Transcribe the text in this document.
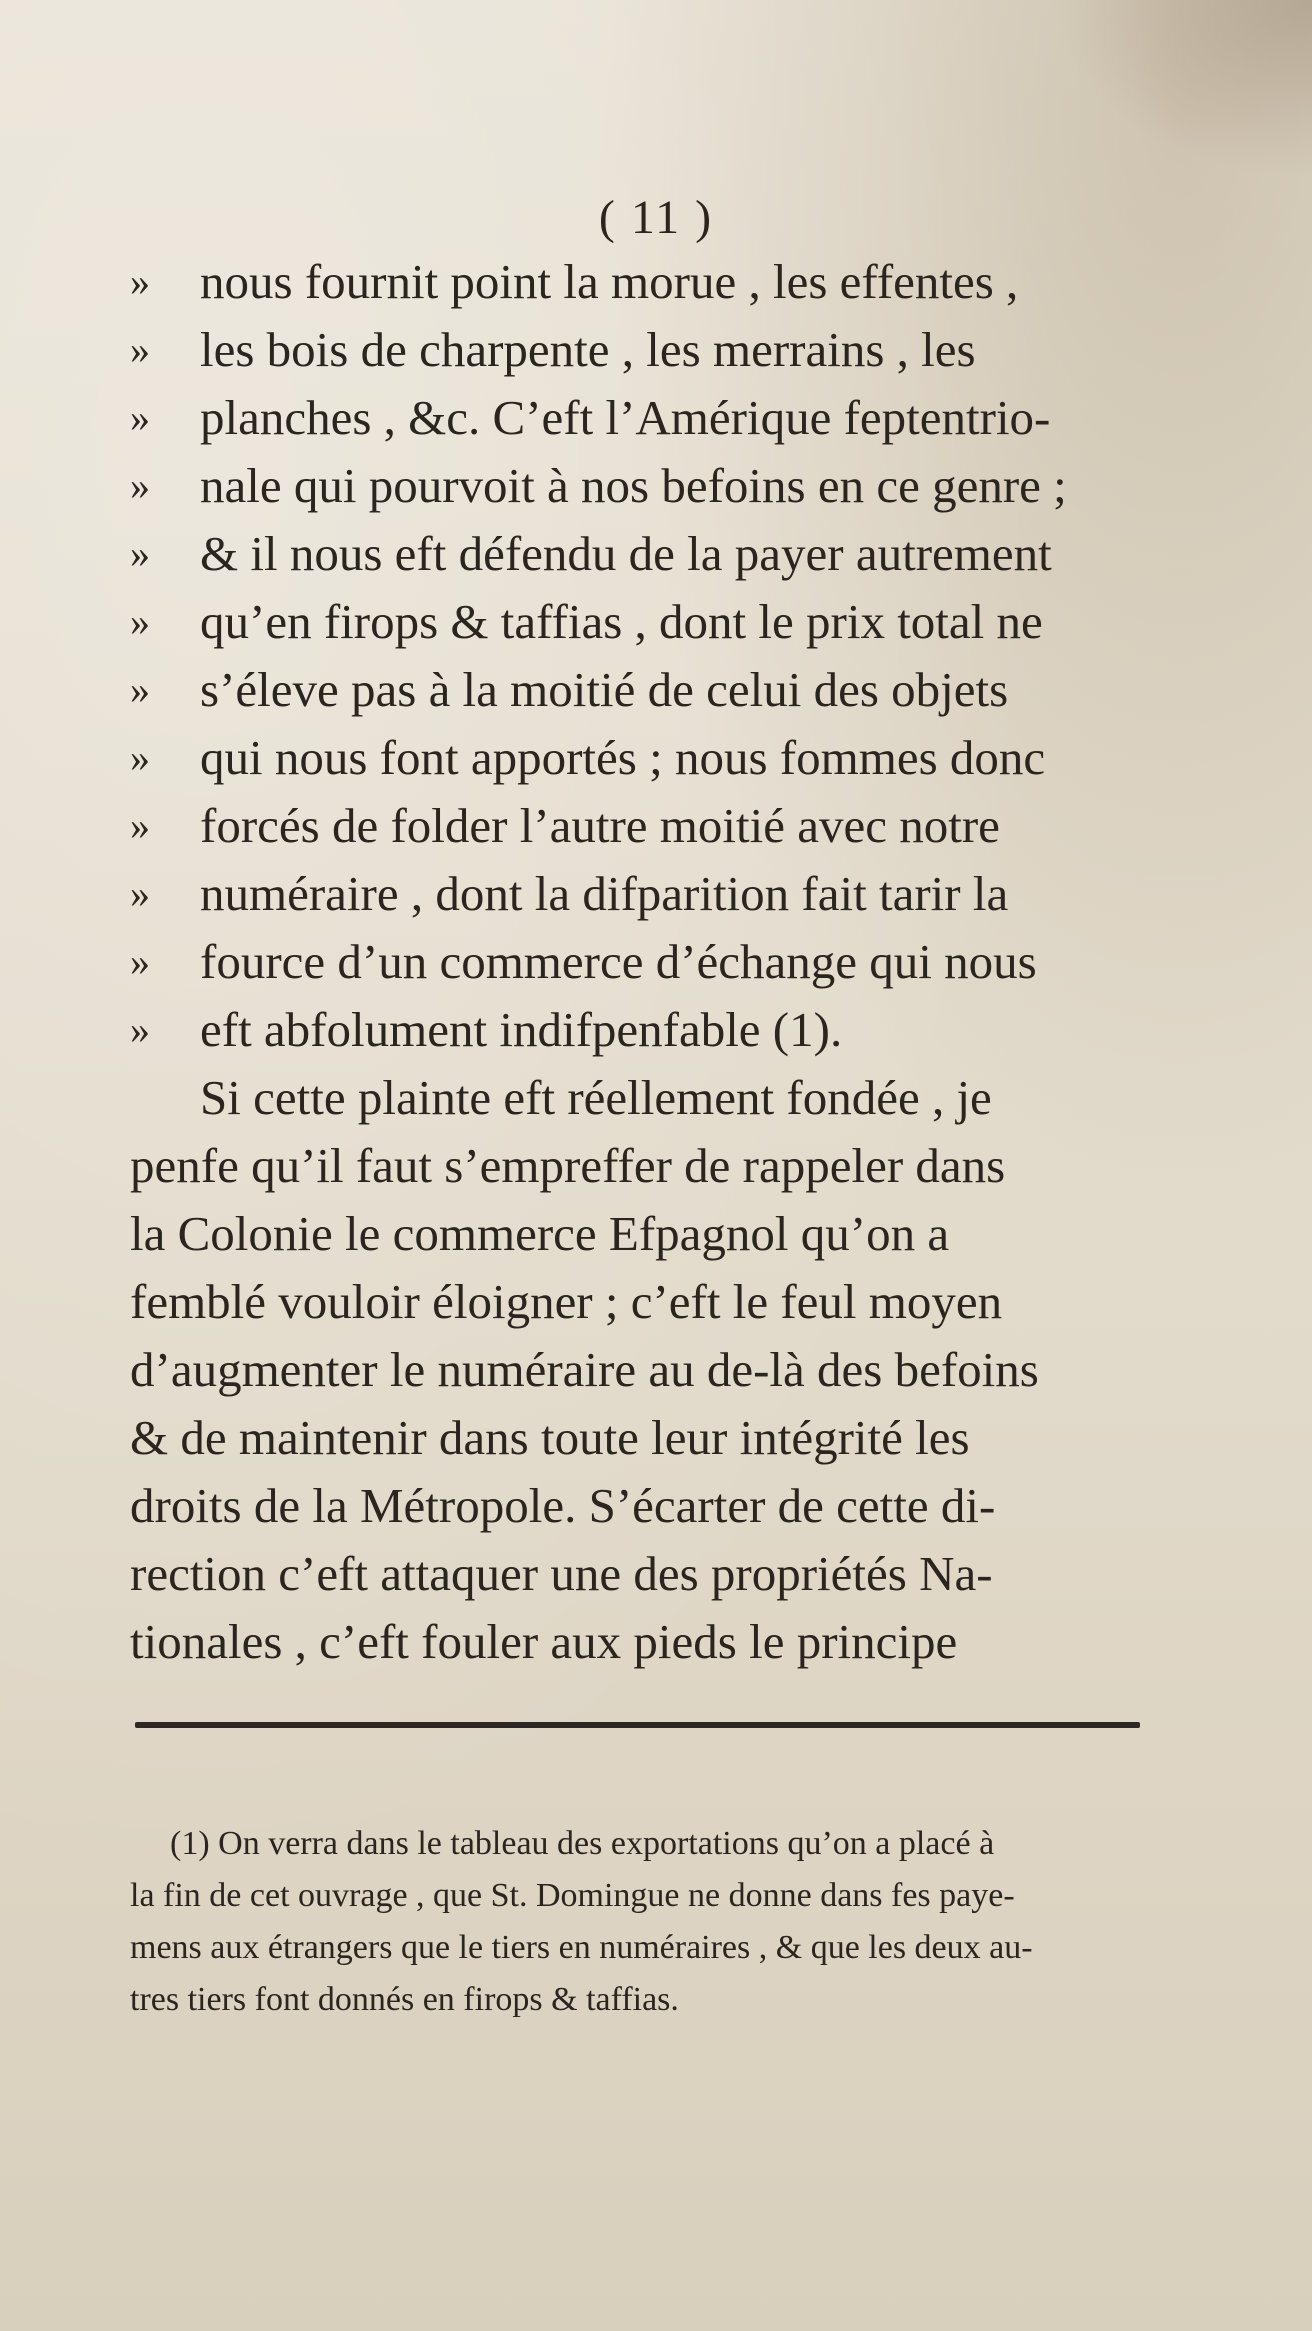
( 11 )
» nous fournit point la morue , les effentes ,
» les bois de charpente , les merrains , les
» planches , &c. C’eft l’Amérique feptentrio-
» nale qui pourvoit à nos befoins en ce genre ;
» & il nous eft défendu de la payer autrement
» qu’en firops & taffias , dont le prix total ne
» s’éleve pas à la moitié de celui des objets
» qui nous font apportés ; nous fommes donc
» forcés de folder l’autre moitié avec notre
» numéraire , dont la difparition fait tarir la
» fource d’un commerce d’échange qui nous
» eft abfolument indifpenfable (1).
Si cette plainte eft réellement fondée , je
penfe qu’il faut s’empreffer de rappeler dans
la Colonie le commerce Efpagnol qu’on a
femblé vouloir éloigner ; c’eft le feul moyen
d’augmenter le numéraire au de-là des befoins
& de maintenir dans toute leur intégrité les
droits de la Métropole. S’écarter de cette di-
rection c’eft attaquer une des propriétés Na-
tionales , c’eft fouler aux pieds le principe
(1) On verra dans le tableau des exportations qu’on a placé à
la fin de cet ouvrage , que St. Domingue ne donne dans fes paye-
mens aux étrangers que le tiers en numéraires , & que les deux au-
tres tiers font donnés en firops & taffias.
